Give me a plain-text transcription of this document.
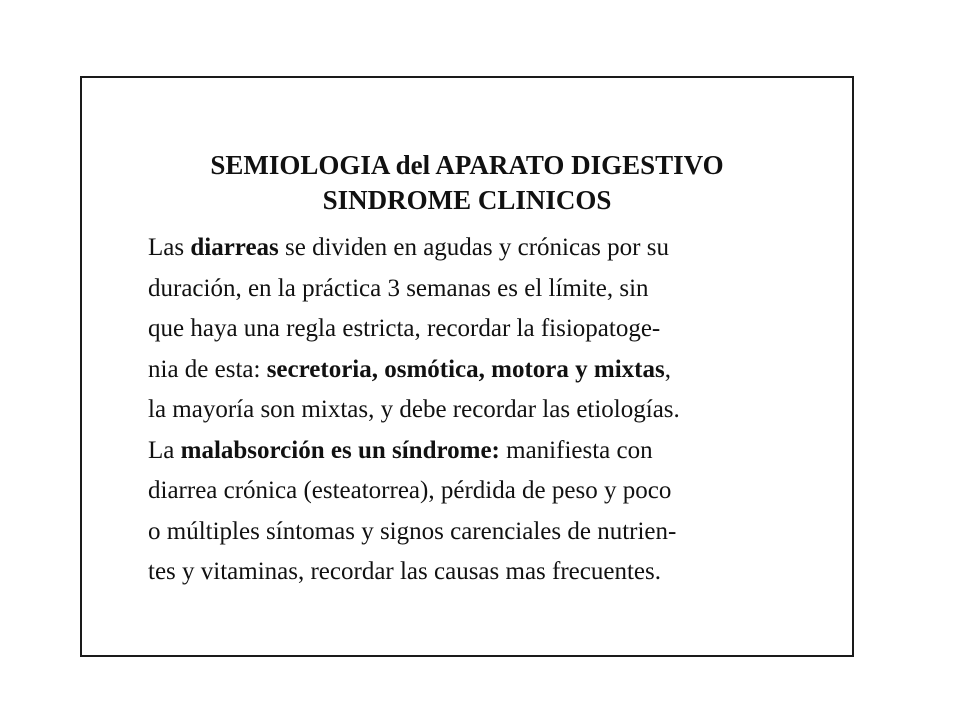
SEMIOLOGIA del APARATO DIGESTIVO
SINDROME CLINICOS
Las diarreas se dividen en agudas y crónicas por su
duración, en la práctica 3 semanas es el límite, sin
que haya una regla estricta, recordar la fisiopatoge-
nia de esta: secretoria, osmótica, motora y mixtas,
la mayoría son mixtas, y debe recordar las etiologías.
La malabsorción es un síndrome: manifiesta con
diarrea crónica (esteatorrea), pérdida de peso y poco
o múltiples síntomas y signos carenciales de nutrien-
tes y vitaminas, recordar las causas mas frecuentes.
